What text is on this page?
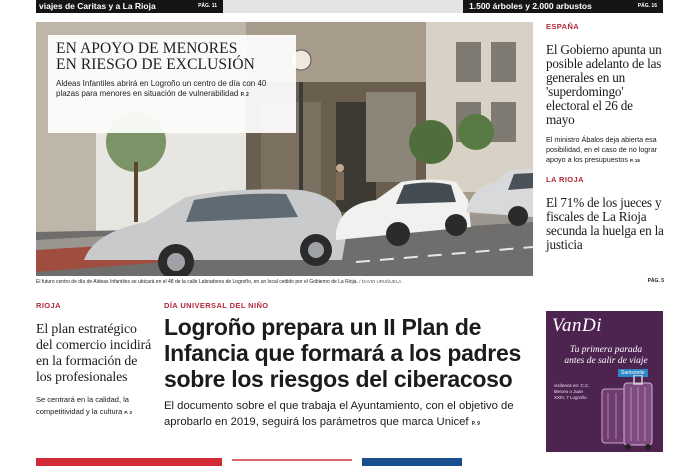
viajes de Caritas y a La Rioja	PÁG. 11	1.500 árboles y 2.000 arbustos	PÁG. 16
EN APOYO DE MENORES
EN RIESGO DE EXCLUSIÓN
Aldeas Infantiles abrirá en Logroño un centro de día con 40 plazas para menores en situación de vulnerabilidad P. 2
El futuro centro de día de Aldeas Infantiles se ubicará en el 48 de la calle Labradores de Logroño, en un local cedido por el Gobierno de La Rioja. / DAVID URUÑUELA
ESPAÑA
El Gobierno apunta un posible adelanto de las generales en un 'superdomingo' electoral el 26 de mayo
El ministro Ábalos deja abierta esa posibilidad, en el caso de no lograr apoyo a los presupuestos P. 15
LA RIOJA
El 71% de los jueces y fiscales de La Rioja secunda la huelga en la justicia
PÁG. 5
RIOJA
El plan estratégico del comercio incidirá en la formación de los profesionales
Se centrará en la calidad, la competitividad y la cultura P. 3
DÍA UNIVERSAL DEL NIÑO
Logroño prepara un II Plan de Infancia que formará a los padres sobre los riesgos del ciberacoso
El documento sobre el que trabaja el Ayuntamiento, con el objetivo de aprobarlo en 2019, seguirá los parámetros que marca Unicef P. 9
VanDi
Tu primera parada
antes de salir de viaje
Samsonite
visítenos en: C.C. Berceo o Juan XXIII, 7 Logroño
